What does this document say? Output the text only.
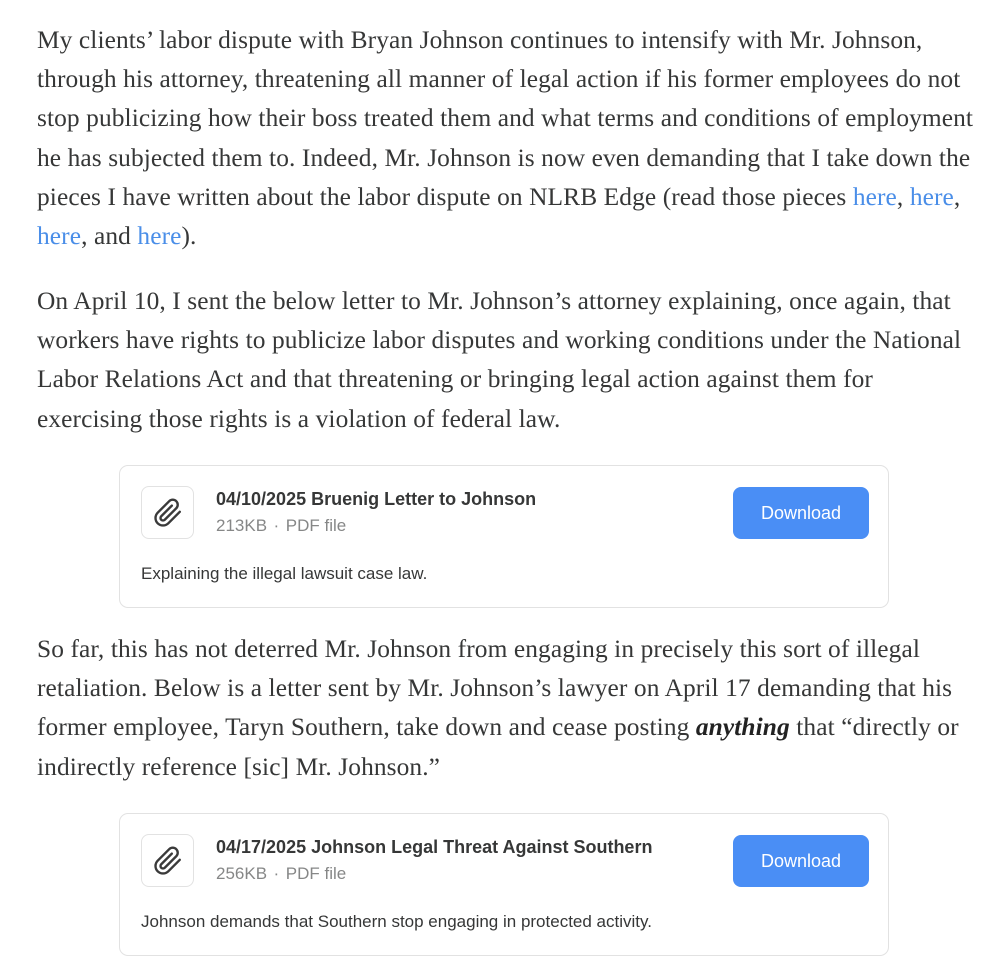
My clients’ labor dispute with Bryan Johnson continues to intensify with Mr. Johnson, through his attorney, threatening all manner of legal action if his former employees do not stop publicizing how their boss treated them and what terms and conditions of employment he has subjected them to. Indeed, Mr. Johnson is now even demanding that I take down the pieces I have written about the labor dispute on NLRB Edge (read those pieces here, here, here, and here).

On April 10, I sent the below letter to Mr. Johnson’s attorney explaining, once again, that workers have rights to publicize labor disputes and working conditions under the National Labor Relations Act and that threatening or bringing legal action against them for exercising those rights is a violation of federal law.

So far, this has not deterred Mr. Johnson from engaging in precisely this sort of illegal retaliation. Below is a letter sent by Mr. Johnson’s lawyer on April 17 demanding that his former employee, Taryn Southern, take down and cease posting anything that “directly or indirectly reference [sic] Mr. Johnson.”

04/10/2025 Bruenig Letter to Johnson
213KB ∙ PDF file
Download
Explaining the illegal lawsuit case law.
04/17/2025 Johnson Legal Threat Against Southern
256KB ∙ PDF file
Download
Johnson demands that Southern stop engaging in protected activity.
